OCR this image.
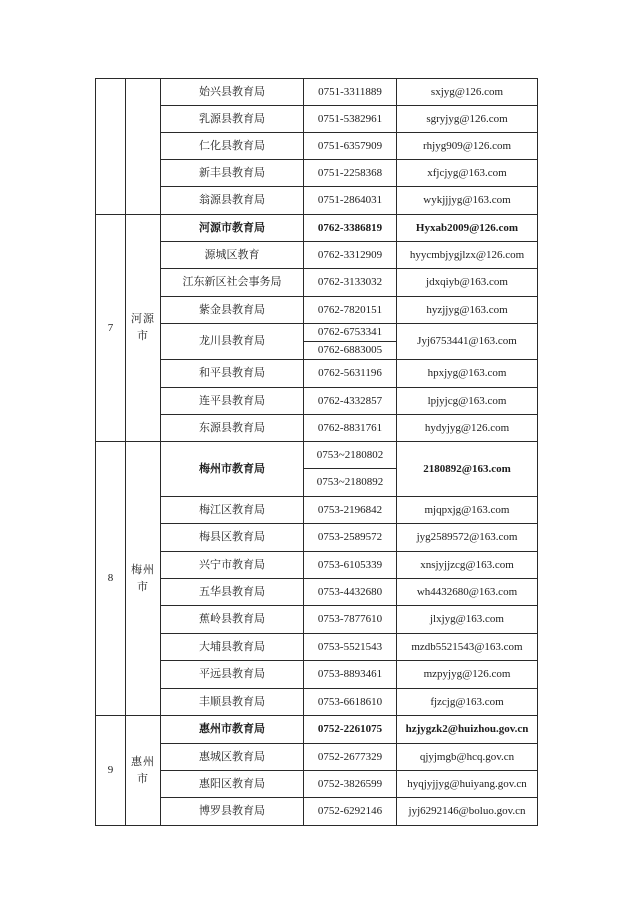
		始兴县教育局	0751-3311889	sxjyg@126.com
		乳源县教育局	0751-5382961	sgryjyg@126.com
		仁化县教育局	0751-6357909	rhjyg909@126.com
		新丰县教育局	0751-2258368	xfjcjyg@163.com
		翁源县教育局	0751-2864031	wykjjjyg@163.com
7	河源市	河源市教育局	0762-3386819	Hyxab2009@126.com
		源城区教育	0762-3312909	hyycmbjygjlzx@126.com
		江东新区社会事务局	0762-3133032	jdxqiyb@163.com
		紫金县教育局	0762-7820151	hyzjjyg@163.com
		龙川县教育局	0762-6753341	Jyj6753441@163.com
			0762-6883005	
		和平县教育局	0762-5631196	hpxjyg@163.com
		连平县教育局	0762-4332857	lpjyjcg@163.com
		东源县教育局	0762-8831761	hydyjyg@126.com
8	梅州市	梅州市教育局	0753~2180802	2180892@163.com
			0753~2180892	
		梅江区教育局	0753-2196842	mjqpxjg@163.com
		梅县区教育局	0753-2589572	jyg2589572@163.com
		兴宁市教育局	0753-6105339	xnsjyjjzcg@163.com
		五华县教育局	0753-4432680	wh4432680@163.com
		蕉岭县教育局	0753-7877610	jlxjyg@163.com
		大埔县教育局	0753-5521543	mzdb5521543@163.com
		平远县教育局	0753-8893461	mzpyjyg@126.com
		丰顺县教育局	0753-6618610	fjzcjg@163.com
9	惠州市	惠州市教育局	0752-2261075	hzjygzk2@huizhou.gov.cn
		惠城区教育局	0752-2677329	qjyjmgb@hcq.gov.cn
		惠阳区教育局	0752-3826599	hyqjyjjyg@huiyang.gov.cn
		博罗县教育局	0752-6292146	jyj6292146@boluo.gov.cn
